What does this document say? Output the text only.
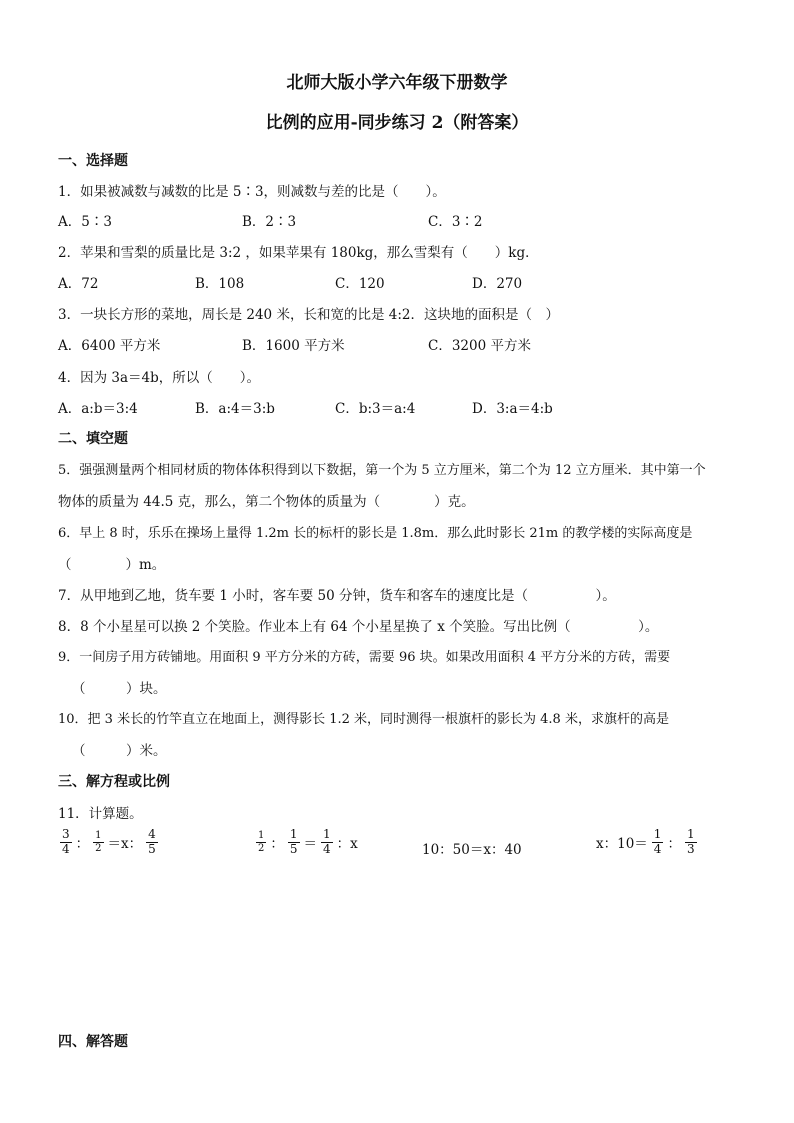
北师大版小学六年级下册数学
比例的应用-同步练习 2（附答案）
一、选择题
1．如果被减数与减数的比是 5∶3，则减数与差的比是（　　）。
A．5∶3	B．2∶3	C．3∶2
2．苹果和雪梨的质量比是 3:2 ，如果苹果有 180kg，那么雪梨有（　　）kg．
A．72	B．108	C．120	D．270
3．一块长方形的菜地，周长是 240 米，长和宽的比是 4:2．这块地的面积是（　）
A．6400 平方米	B．1600 平方米	C．3200 平方米
4．因为 3a＝4b，所以（　　）。
A．a:b＝3:4	B．a:4＝3:b	C．b:3＝a:4	D．3:a＝4:b
二、填空题
5．强强测量两个相同材质的物体体积得到以下数据，第一个为 5 立方厘米，第二个为 12 立方厘米．其中第一个
物体的质量为 44.5 克，那么，第二个物体的质量为（　　　　）克。
6．早上 8 时，乐乐在操场上量得 1.2m 长的标杆的影长是 1.8m．那么此时影长 21m 的教学楼的实际高度是
（　　　　）m。
7．从甲地到乙地，货车要 1 小时，客车要 50 分钟，货车和客车的速度比是（　　　　　）。
8．8 个小星星可以换 2 个笑脸。作业本上有 64 个小星星换了 x 个笑脸。写出比例（　　　　　）。
9．一间房子用方砖铺地。用面积 9 平方分米的方砖，需要 96 块。如果改用面积 4 平方分米的方砖，需要
（　　　）块。
10．把 3 米长的竹竿直立在地面上，测得影长 1.2 米，同时测得一根旗杆的影长为 4.8 米，求旗杆的高是
（　　　）米。
三、解方程或比例
11．计算题。
$\frac{3}{4}$ ： $\frac{1}{2} =x$： $\frac{4}{5}$	$\frac{1}{2}$ ： $\frac{1}{5} = \frac{1}{4}$ ：x	10：50＝x：40	x：$10= \frac{1}{4}$ ： $\frac{1}{3}$
四、解答题
